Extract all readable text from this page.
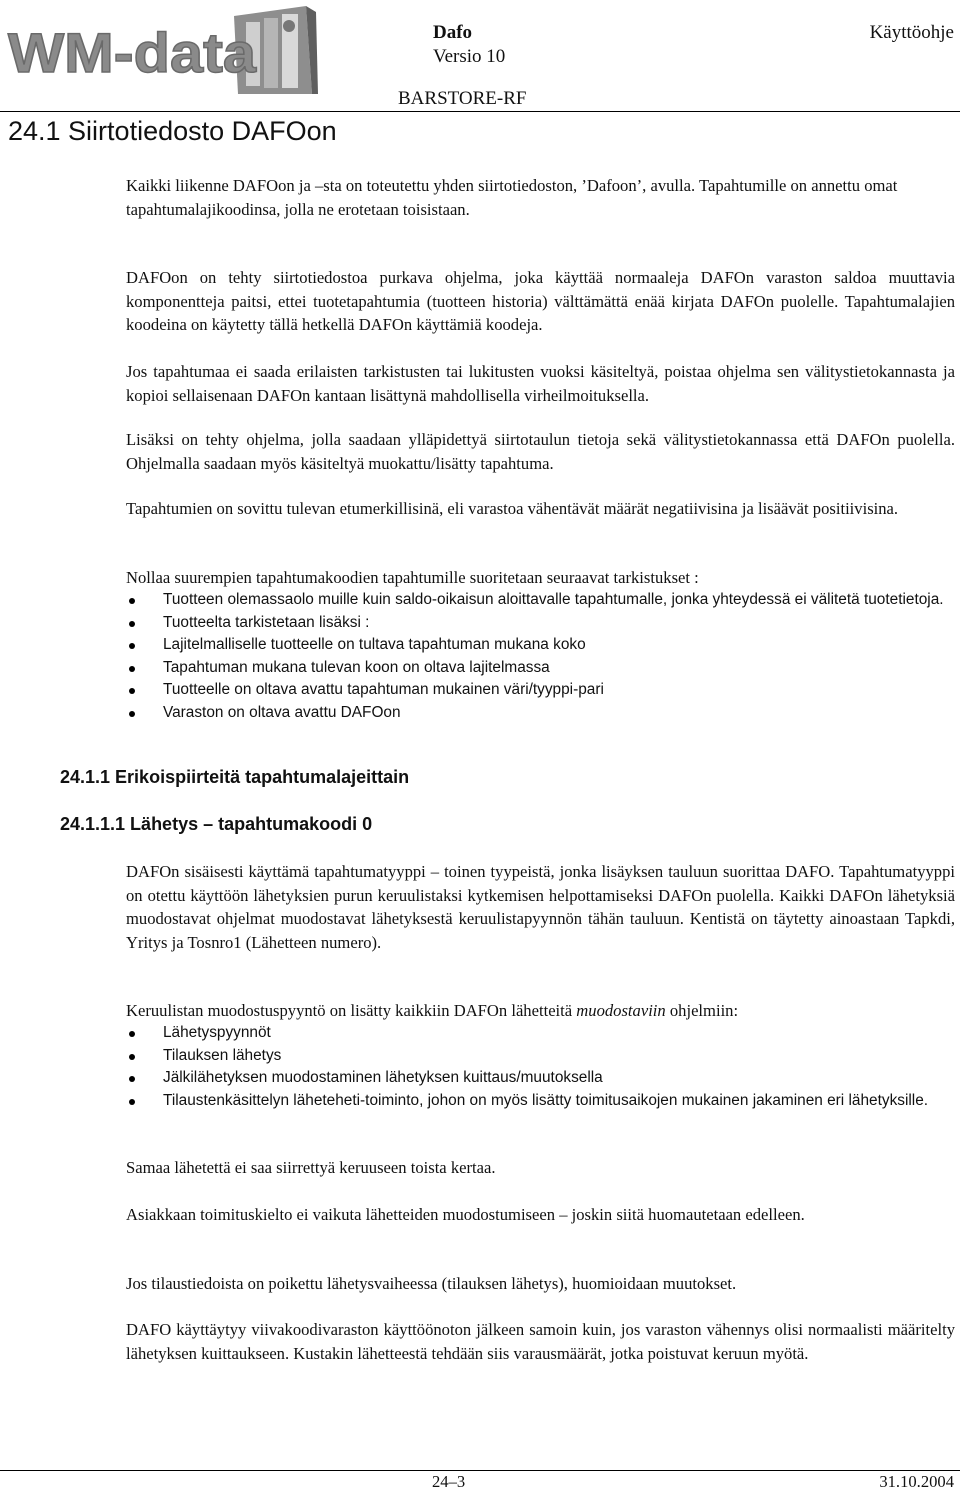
WM-data	Dafo
Versio 10
Käyttöohje
BARSTORE-RF
24.1 Siirtotiedosto DAFOon

Kaikki liikenne DAFOon ja –sta on toteutettu yhden siirtotiedoston, ’Dafoon’, avulla. Tapahtumille on annettu omat tapahtumalajikoodinsa, jolla ne erotetaan toisistaan.

DAFOon on tehty siirtotiedostoa purkava ohjelma, joka käyttää normaaleja DAFOn varaston saldoa muuttavia komponentteja paitsi, ettei tuotetapahtumia (tuotteen historia) välttämättä enää kirjata DAFOn puolelle. Tapahtumalajien koodeina on käytetty tällä hetkellä DAFOn käyttämiä koodeja.

Jos tapahtumaa ei saada erilaisten tarkistusten tai lukitusten vuoksi käsiteltyä, poistaa ohjelma sen välitystietokannasta ja kopioi sellaisenaan DAFOn kantaan lisättynä mahdollisella virheilmoituksella.

Lisäksi on tehty ohjelma, jolla saadaan ylläpidettyä siirtotaulun tietoja sekä välitystietokannassa että DAFOn puolella. Ohjelmalla saadaan myös käsiteltyä muokattu/lisätty tapahtuma.

Tapahtumien on sovittu tulevan etumerkillisinä, eli varastoa vähentävät määrät negatiivisina ja lisäävät positiivisina.

Nollaa suurempien tapahtumakoodien tapahtumille suoritetaan seuraavat tarkistukset :

Tuotteen olemassaolo muille kuin saldo-oikaisun aloittavalle tapahtumalle, jonka yhteydessä ei välitetä tuotetietoja.
Tuotteelta tarkistetaan lisäksi :
Lajitelmalliselle tuotteelle on tultava tapahtuman mukana koko
Tapahtuman mukana tulevan koon on oltava lajitelmassa
Tuotteelle on oltava avattu tapahtuman mukainen väri/tyyppi-pari
Varaston on oltava avattu DAFOon
24.1.1 Erikoispiirteitä tapahtumalajeittain
24.1.1.1 Lähetys – tapahtumakoodi 0

DAFOn sisäisesti käyttämä tapahtumatyyppi – toinen tyypeistä, jonka lisäyksen tauluun suorittaa DAFO. Tapahtumatyyppi on otettu käyttöön lähetyksien purun keruulistaksi kytkemisen helpottamiseksi DAFOn puolella. Kaikki DAFOn lähetyksiä muodostavat ohjelmat muodostavat lähetyksestä keruulistapyynnön tähän tauluun. Kentistä on täytetty ainoastaan Tapkdi, Yritys ja Tosnro1 (Lähetteen numero).

Keruulistan muodostuspyyntö on lisätty kaikkiin DAFOn lähetteitä muodostaviin ohjelmiin:

Lähetyspyynnöt
Tilauksen lähetys
Jälkilähetyksen muodostaminen lähetyksen kuittaus/muutoksella
Tilaustenkäsittelyn läheteheti-toiminto, johon on myös lisätty toimitusaikojen mukainen jakaminen eri lähetyksille.

Samaa lähetettä ei saa siirrettyä keruuseen toista kertaa.

Asiakkaan toimituskielto ei vaikuta lähetteiden muodostumiseen – joskin siitä huomautetaan edelleen.

Jos tilaustiedoista on poikettu lähetysvaiheessa (tilauksen lähetys), huomioidaan muutokset.

DAFO käyttäytyy viivakoodivaraston käyttöönoton jälkeen samoin kuin, jos varaston vähennys olisi normaalisti määritelty lähetyksen kuittaukseen. Kustakin lähetteestä tehdään siis varausmäärät, jotka poistuvat keruun myötä.

24–3	31.10.2004
